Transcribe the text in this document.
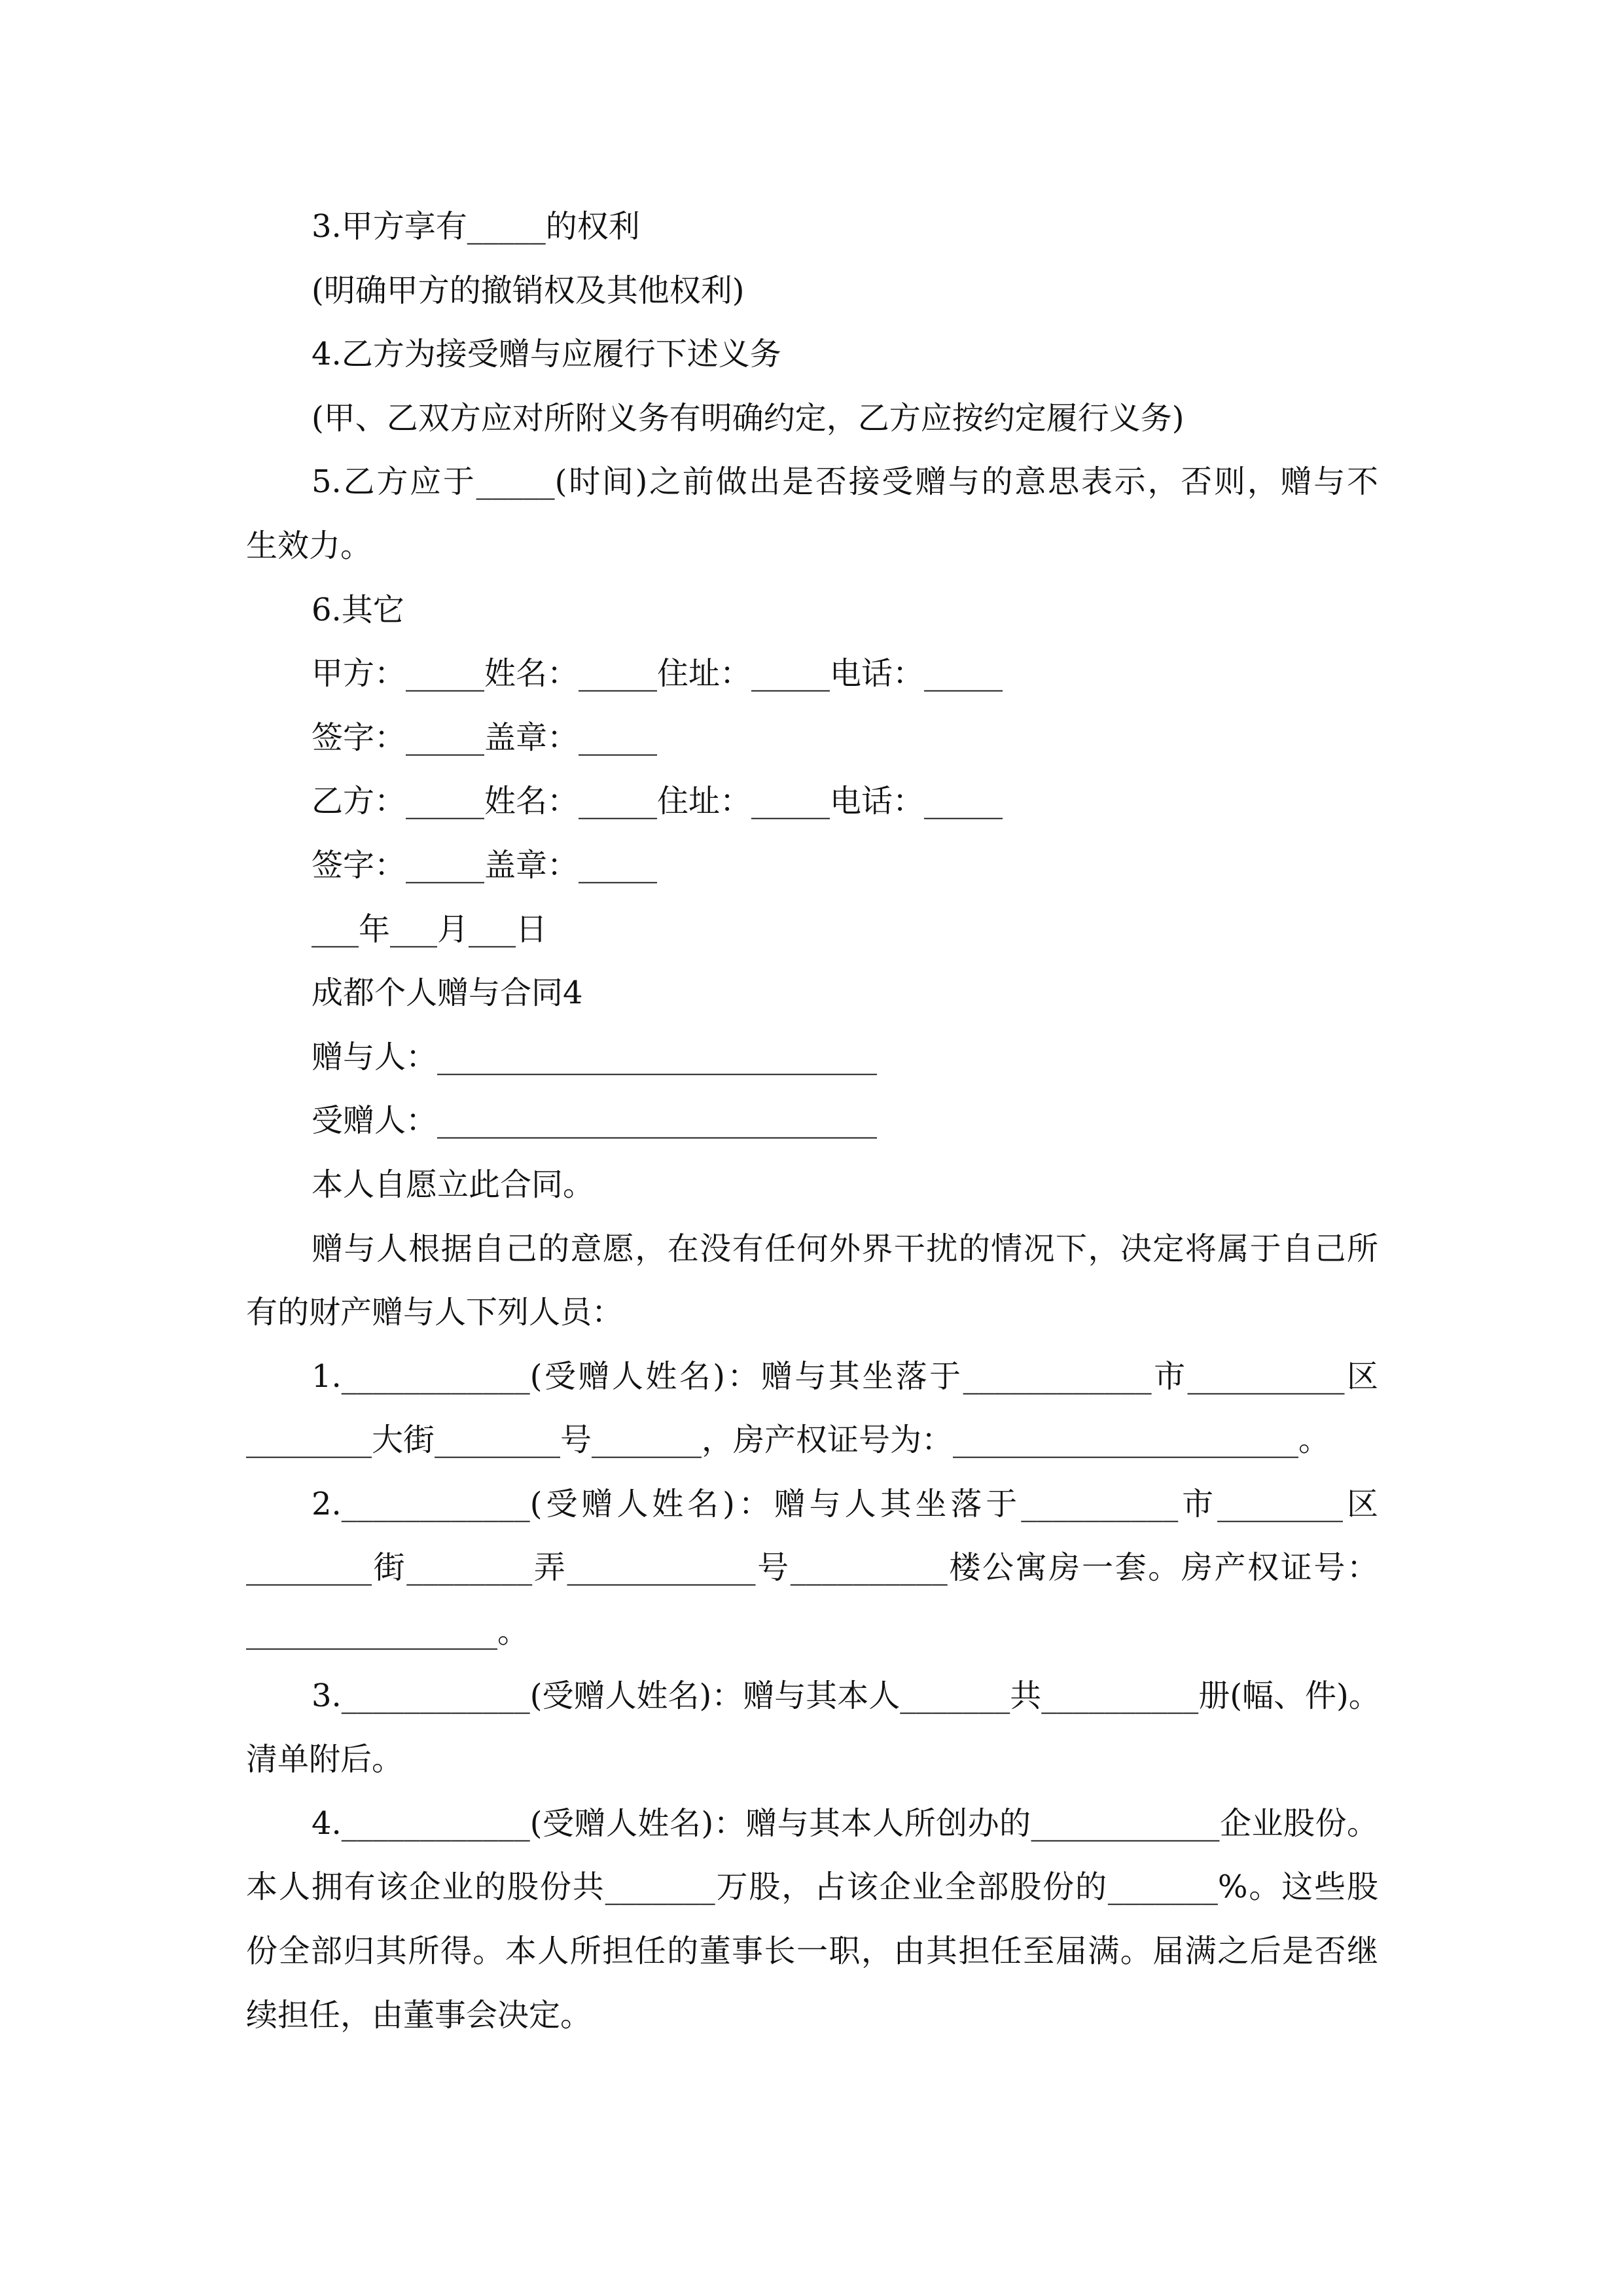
3.甲方享有_____的权利
(明确甲方的撤销权及其他权利)
4.乙方为接受赠与应履行下述义务
(甲、乙双方应对所附义务有明确约定，乙方应按约定履行义务)
5.乙方应于_____(时间)之前做出是否接受赠与的意思表示，否则，赠与不
生效力。
6.其它
甲方：_____姓名：_____住址：_____电话：_____
签字：_____盖章：_____
乙方：_____姓名：_____住址：_____电话：_____
签字：_____盖章：_____
___年___月___日
成都个人赠与合同4
赠与人：____________________________
受赠人：____________________________
本人自愿立此合同。
赠与人根据自己的意愿，在没有任何外界干扰的情况下，决定将属于自己所
有的财产赠与人下列人员：
1.____________(受赠人姓名)：赠与其坐落于____________市__________区
________大街________号_______，房产权证号为：______________________。
2.____________(受赠人姓名)：赠与人其坐落于__________市________区
________街________弄____________号__________楼公寓房一套。房产权证号：
________________。
3.____________(受赠人姓名)：赠与其本人_______共__________册(幅、件)。
清单附后。
4.____________(受赠人姓名)：赠与其本人所创办的____________企业股份。
本人拥有该企业的股份共_______万股，占该企业全部股份的_______%。这些股
份全部归其所得。本人所担任的董事长一职，由其担任至届满。届满之后是否继
续担任，由董事会决定。
